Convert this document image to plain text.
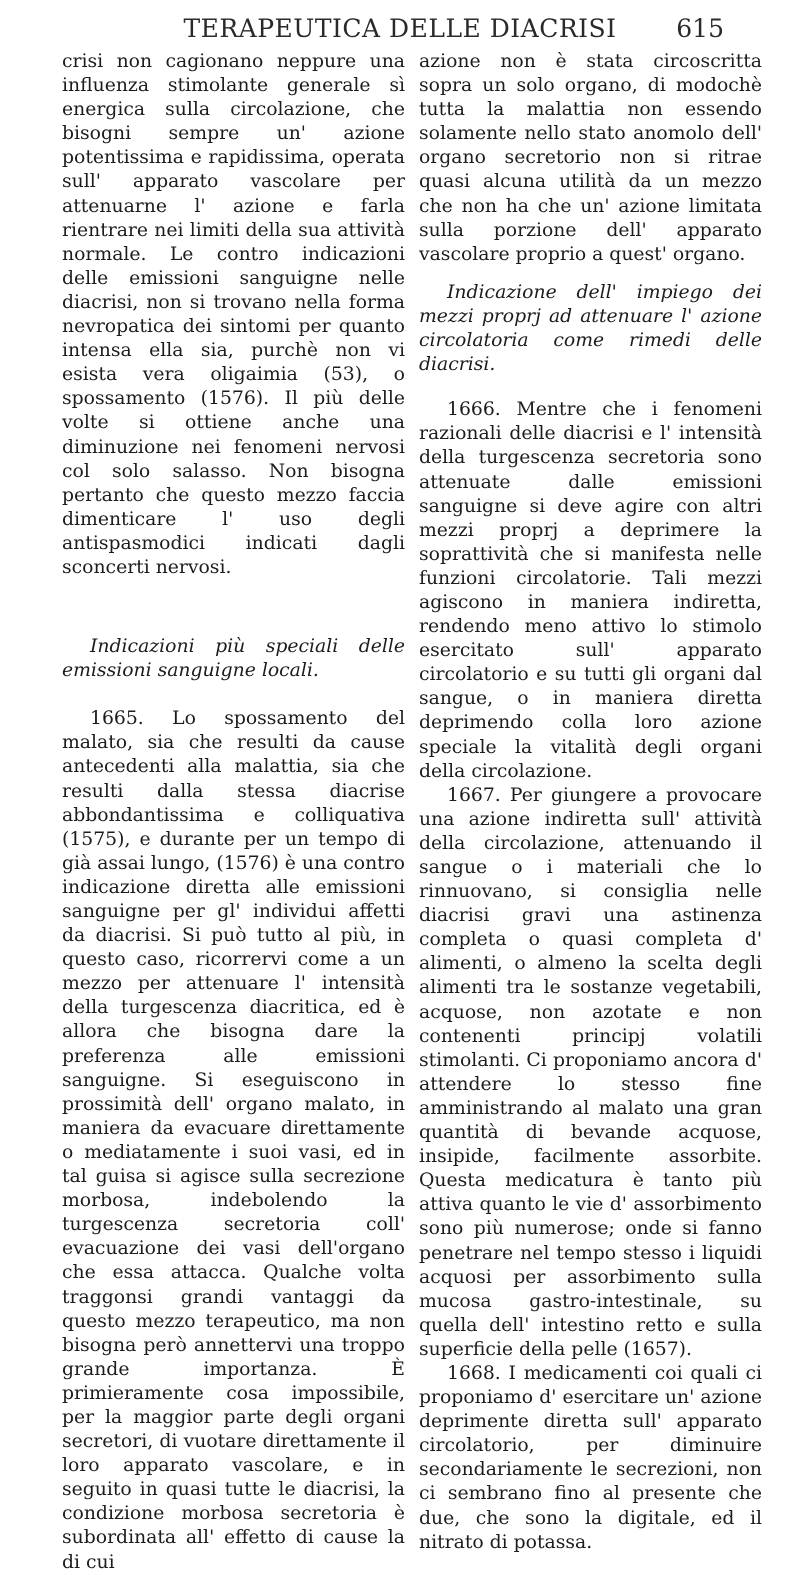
TERAPEUTICA DELLE DIACRISI	615

crisi non cagionano neppure una influenza stimolante generale sì energica sulla circolazione, che bisogni sempre un' azione potentissima e rapidissima, operata sull' apparato vascolare per attenuarne l' azione e farla rientrare nei limiti della sua attività normale. Le contro indicazioni delle emissioni sanguigne nelle diacrisi, non si trovano nella forma nevropatica dei sintomi per quanto intensa ella sia, purchè non vi esista vera oligaimia (53), o spossamento (1576). Il più delle volte si ottiene anche una diminuzione nei fenomeni nervosi col solo salasso. Non bisogna pertanto che questo mezzo faccia dimenticare l' uso degli antispasmodici indicati dagli sconcerti nervosi.

Indicazioni più speciali delle emissioni sanguigne locali.

1665. Lo spossamento del malato, sia che resulti da cause antecedenti alla malattia, sia che resulti dalla stessa diacrise abbondantissima e colliquativa (1575), e durante per un tempo di già assai lungo, (1576) è una contro indicazione diretta alle emissioni sanguigne per gl' individui affetti da diacrisi. Si può tutto al più, in questo caso, ricorrervi come a un mezzo per attenuare l' intensità della turgescenza diacritica, ed è allora che bisogna dare la preferenza alle emissioni sanguigne. Si eseguiscono in prossimità dell' organo malato, in maniera da evacuare direttamente o mediatamente i suoi vasi, ed in tal guisa si agisce sulla secrezione morbosa, indebolendo la turgescenza secretoria coll' evacuazione dei vasi dell'organo che essa attacca. Qualche volta traggonsi grandi vantaggi da questo mezzo terapeutico, ma non bisogna però annettervi una troppo grande importanza. È primieramente cosa impossibile, per la maggior parte degli organi secretori, di vuotare direttamente il loro apparato vascolare, e in seguito in quasi tutte le diacrisi, la condizione morbosa secretoria è subordinata all' effetto di cause la di cui

azione non è stata circoscritta sopra un solo organo, di modochè tutta la malattia non essendo solamente nello stato anomolo dell' organo secretorio non si ritrae quasi alcuna utilità da un mezzo che non ha che un' azione limitata sulla porzione dell' apparato vascolare proprio a quest' organo.

Indicazione dell' impiego dei mezzi proprj ad attenuare l' azione circolatoria come rimedi delle diacrisi.

1666. Mentre che i fenomeni razionali delle diacrisi e l' intensità della turgescenza secretoria sono attenuate dalle emissioni sanguigne si deve agire con altri mezzi proprj a deprimere la soprattività che si manifesta nelle funzioni circolatorie. Tali mezzi agiscono in maniera indiretta, rendendo meno attivo lo stimolo esercitato sull' apparato circolatorio e su tutti gli organi dal sangue, o in maniera diretta deprimendo colla loro azione speciale la vitalità degli organi della circolazione.

1667. Per giungere a provocare una azione indiretta sull' attività della circolazione, attenuando il sangue o i materiali che lo rinnuovano, si consiglia nelle diacrisi gravi una astinenza completa o quasi completa d' alimenti, o almeno la scelta degli alimenti tra le sostanze vegetabili, acquose, non azotate e non contenenti principj volatili stimolanti. Ci proponiamo ancora d' attendere lo stesso fine amministrando al malato una gran quantità di bevande acquose, insipide, facilmente assorbite. Questa medicatura è tanto più attiva quanto le vie d' assorbimento sono più numerose; onde si fanno penetrare nel tempo stesso i liquidi acquosi per assorbimento sulla mucosa gastro-intestinale, su quella dell' intestino retto e sulla superficie della pelle (1657).

1668. I medicamenti coi quali ci proponiamo d' esercitare un' azione deprimente diretta sull' apparato circolatorio, per diminuire secondariamente le secrezioni, non ci sembrano fino al presente che due, che sono la digitale, ed il nitrato di potassa.
